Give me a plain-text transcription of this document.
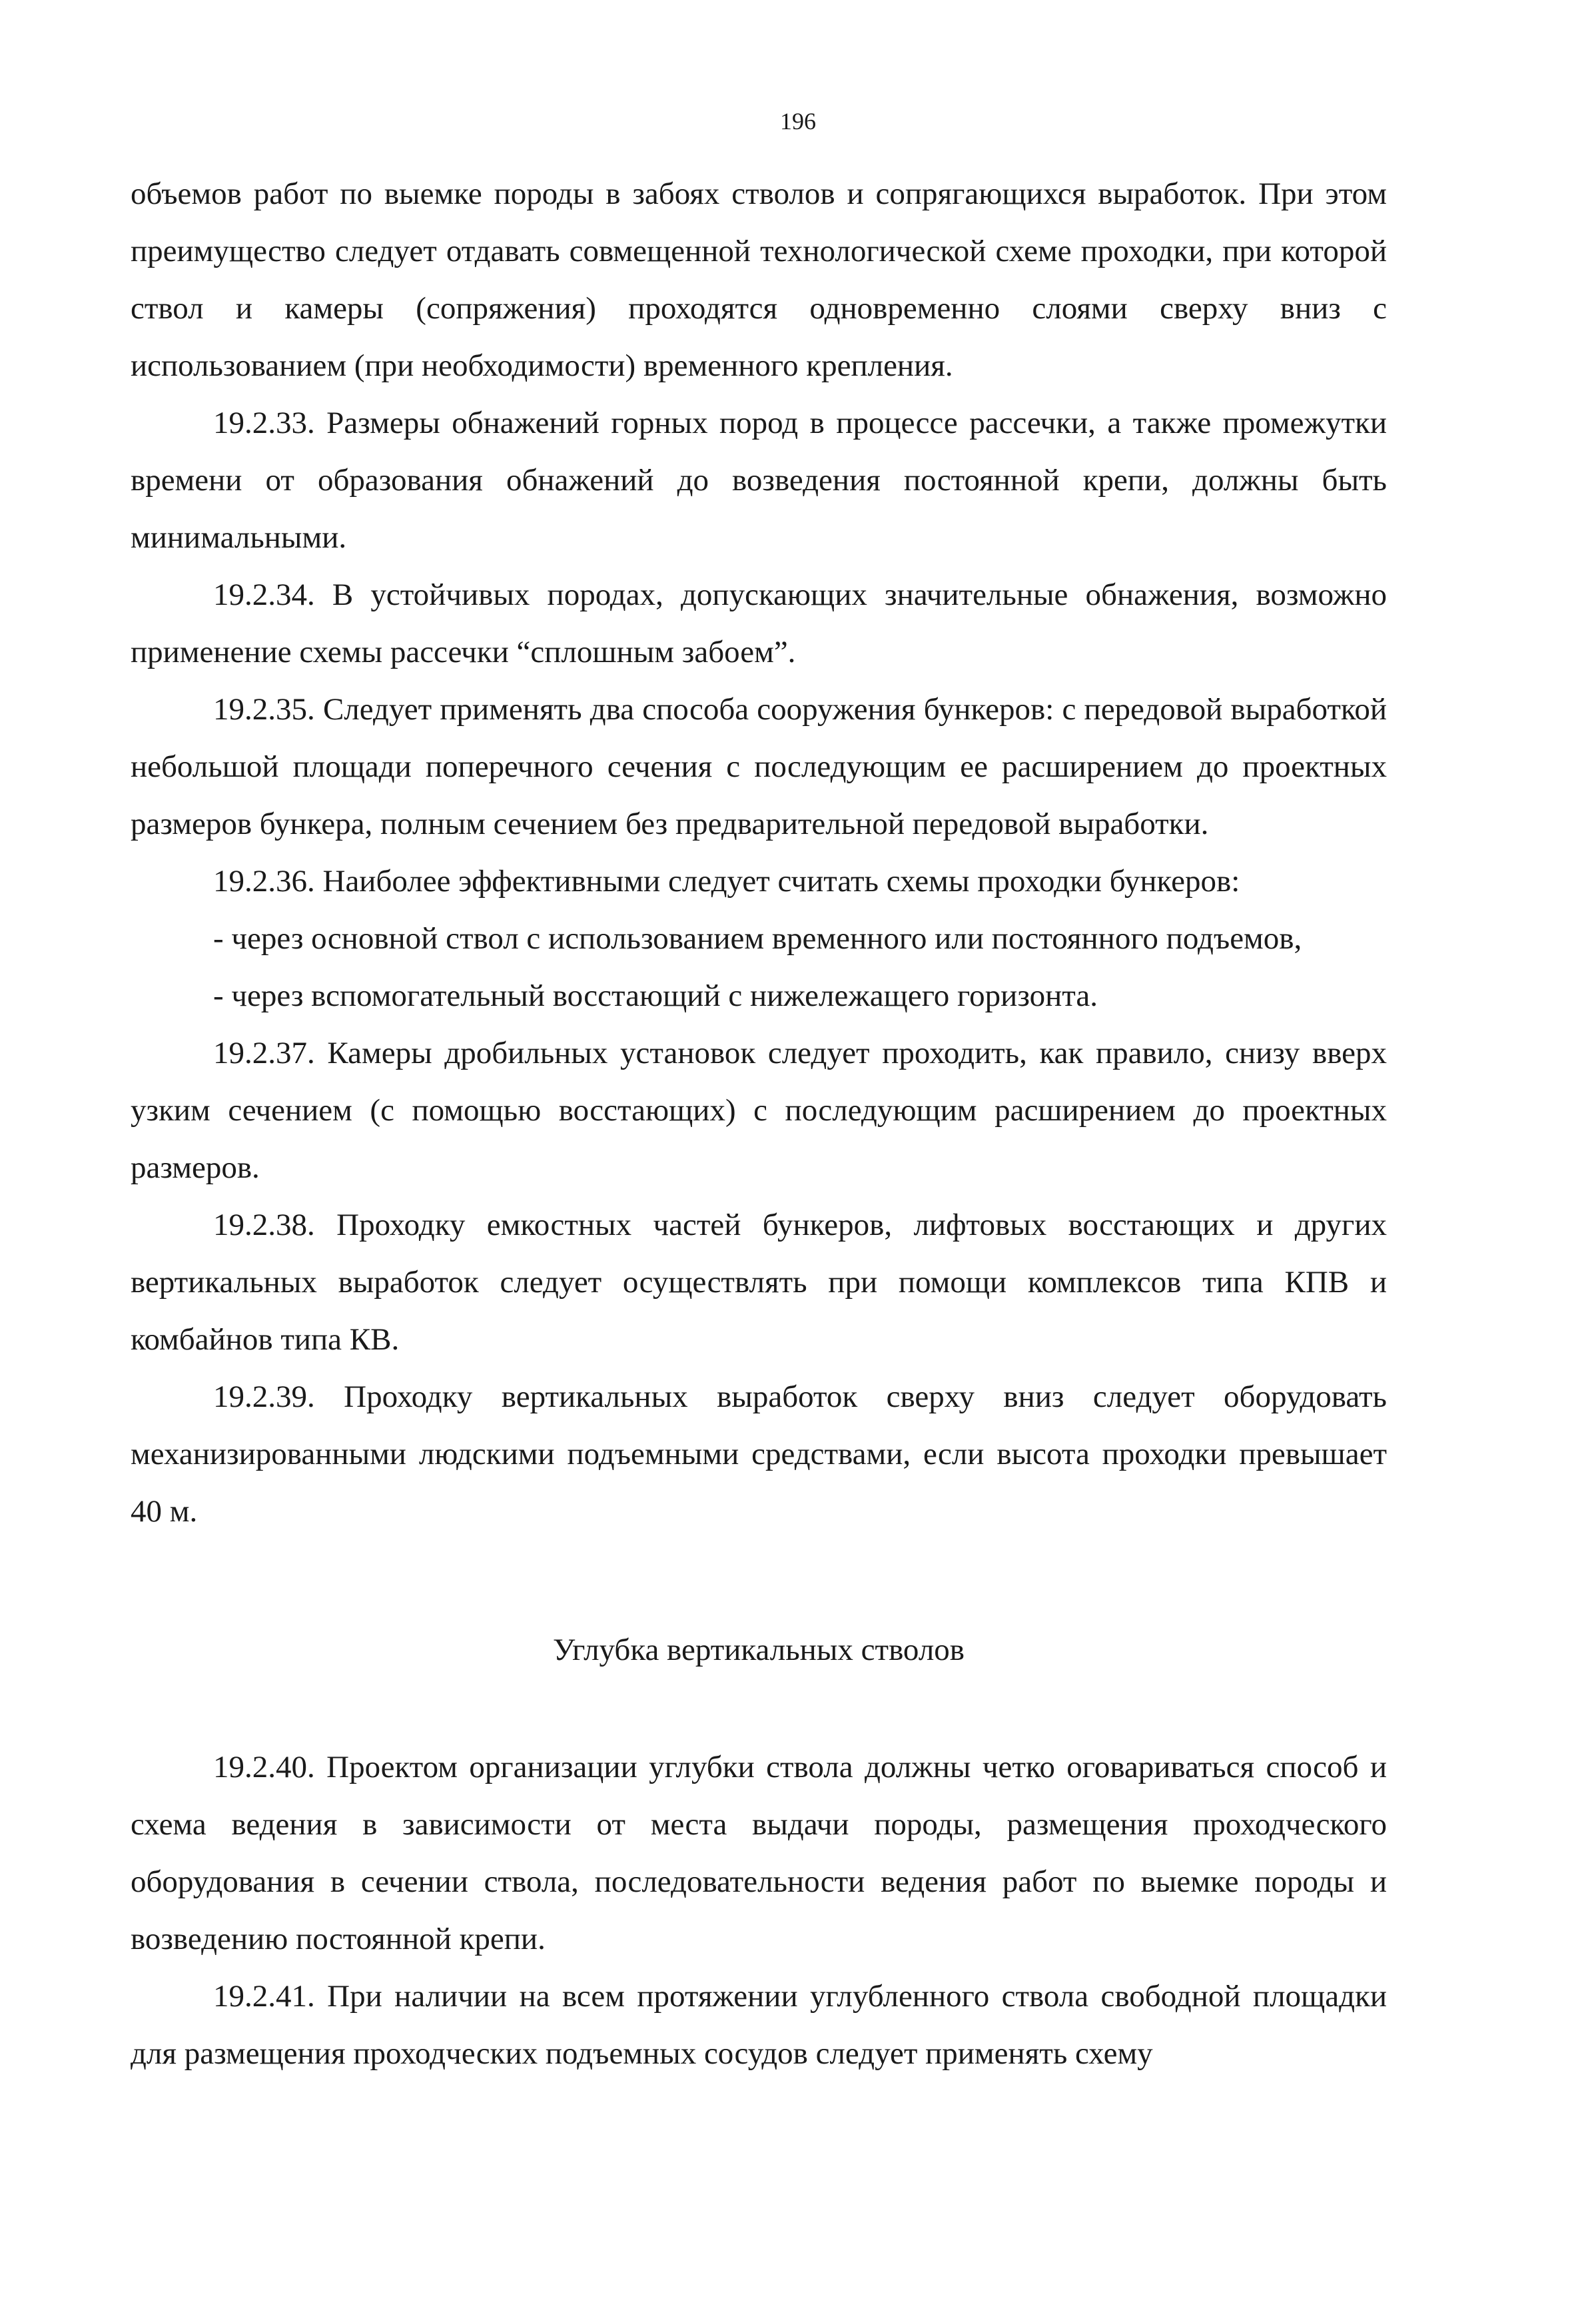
196

объемов работ по выемке породы в забоях стволов и сопрягающихся выработок. При этом преимущество следует отдавать совмещенной технологической схеме проходки, при которой ствол и камеры (сопряжения) проходятся одновременно слоями сверху вниз с использованием (при необходимости) временного крепления.

19.2.33. Размеры обнажений горных пород в процессе рассечки, а также промежутки времени от образования обнажений до возведения постоянной крепи, должны быть минимальными.

19.2.34. В устойчивых породах, допускающих значительные обнажения, возможно применение схемы рассечки “сплошным забоем”.

19.2.35. Следует применять два способа сооружения бункеров: с передовой выработкой небольшой площади поперечного сечения с последующим ее расширением до проектных размеров бункера, полным сечением без предварительной передовой выработки.

19.2.36. Наиболее эффективными следует считать схемы проходки бункеров:

- через основной ствол с использованием временного или постоянного подъемов,

- через вспомогательный восстающий с нижележащего горизонта.

19.2.37. Камеры дробильных установок следует проходить, как правило, снизу вверх узким сечением (с помощью восстающих) с последующим расширением до проектных размеров.

19.2.38. Проходку емкостных частей бункеров, лифтовых восстающих и других вертикальных выработок следует осуществлять при помощи комплексов типа КПВ и комбайнов типа КВ.

19.2.39. Проходку вертикальных выработок сверху вниз следует оборудовать механизированными людскими подъемными средствами, если высота проходки превышает 40 м.

Углубка вертикальных стволов

19.2.40. Проектом организации углубки ствола должны четко оговариваться способ и схема ведения в зависимости от места выдачи породы, размещения проходческого оборудования в сечении ствола, последовательности ведения работ по выемке породы и возведению постоянной крепи.

19.2.41. При наличии на всем протяжении углубленного ствола свободной площадки для размещения проходческих подъемных сосудов следует применять схему
